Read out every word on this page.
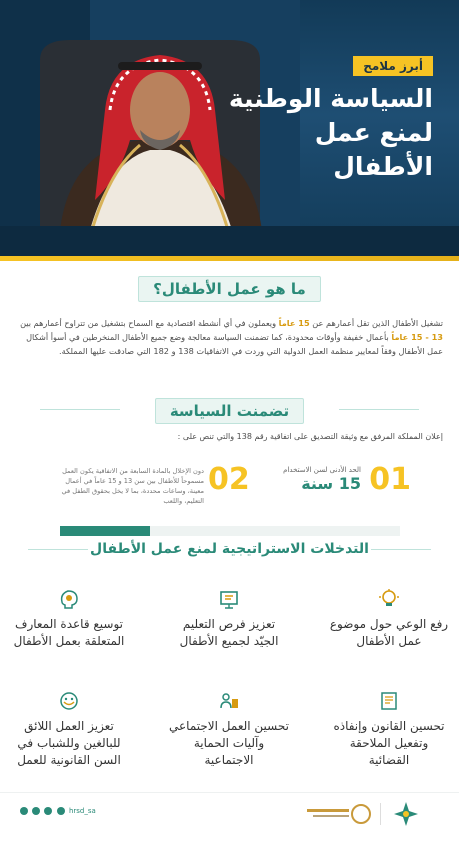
أبرز ملامح
السياسة الوطنية لمنع عمل الأطفال
ما هو عمل الأطفال؟
تشغيل الأطفال الذين تقل أعمارهم عن 15 عاماً ويعملون في أي أنشطة اقتصادية مع السماح بتشغيل من تتراوح أعمارهم بين 13 - 15 عاماً بأعمال خفيفة وأوقات محدودة، كما تضمنت السياسة معالجة وضع جميع الأطفال المنخرطين في أسوأ أشكال عمل الأطفال وفقاً لمعايير منظمة العمل الدولية التي وردت في الاتفاقيات 138 و 182 التي صادقت عليها المملكة.
تضمنت السياسة
إعلان المملكة المرفق مع وثيقة التصديق على اتفاقية رقم 138 والتي تنص على :
01
الحد الأدنى لسن الاستخدام
15 سنة
02
دون الإخلال بالمادة السابعة من الاتفاقية يكون العمل مسموحاً للأطفال بين سن 13 و 15 عاماً في أعمال معينة، وساعات محددة، بما لا يخل بحقوق الطفل في التعليم، واللعب
التدخلات الاستراتيجية لمنع عمل الأطفال
رفع الوعي حول موضوع عمل الأطفال
تعزيز فرص التعليم الجيّد لجميع الأطفال
توسيع قاعدة المعارف المتعلقة بعمل الأطفال
تحسين القانون وإنفاذه وتفعيل الملاحقة القضائية
تحسين العمل الاجتماعي وآليات الحماية الاجتماعية
تعزيز العمل اللائق للبالغين وللشباب في السن القانونية للعمل
hrsd_sa
